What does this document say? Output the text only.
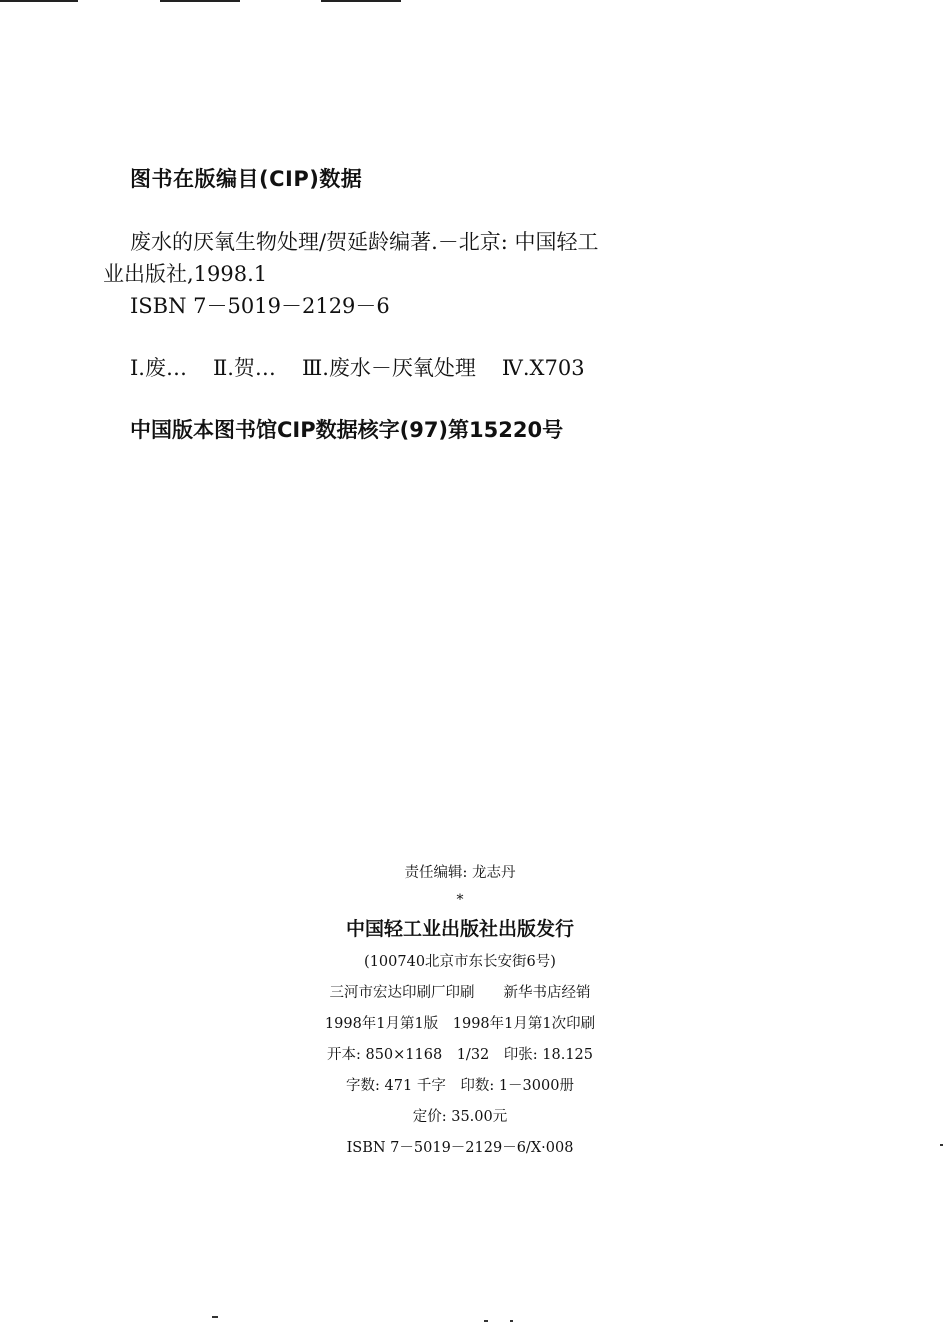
图书在版编目(CIP)数据
废水的厌氧生物处理/贺延龄编著.－北京: 中国轻工
业出版社,1998.1
ISBN 7－5019－2129－6
Ⅰ.废… Ⅱ.贺… Ⅲ.废水－厌氧处理 Ⅳ.X703
中国版本图书馆CIP数据核字(97)第15220号
责任编辑: 龙志丹
*
中国轻工业出版社出版发行
(100740北京市东长安街6号)
三河市宏达印刷厂印刷　　新华书店经销
1998年1月第1版　1998年1月第1次印刷
开本: 850×1168　1/32　印张: 18.125
字数: 471 千字　印数: 1－3000册
定价: 35.00元
ISBN 7－5019－2129－6/X·008
